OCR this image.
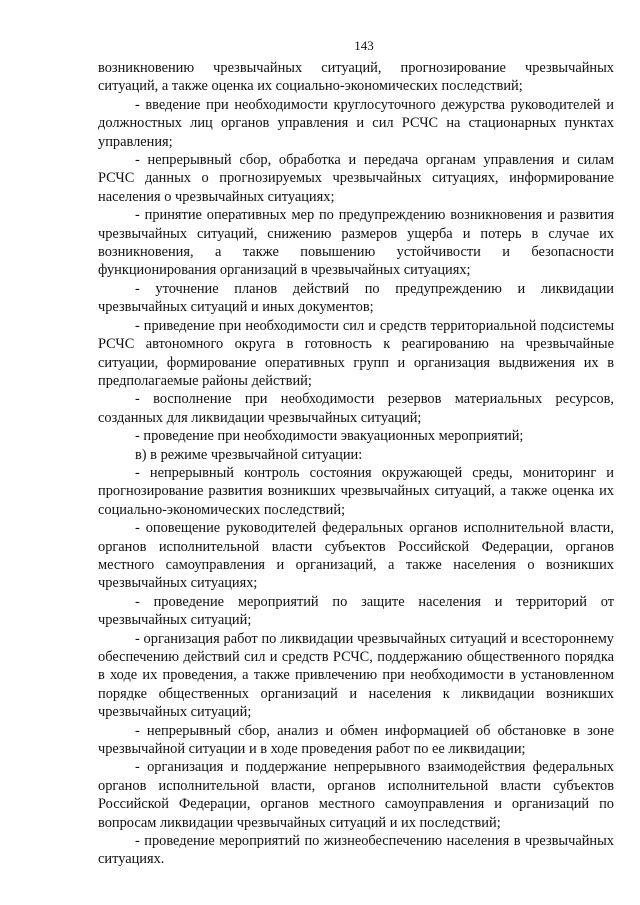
143

возникновению чрезвычайных ситуаций, прогнозирование чрезвычайных ситуаций, а также оценка их социально-экономических последствий;

- введение при необходимости круглосуточного дежурства руководителей и должностных лиц органов управления и сил РСЧС на стационарных пунктах управления;

- непрерывный сбор, обработка и передача органам управления и силам РСЧС данных о прогнозируемых чрезвычайных ситуациях, информирование населения о чрезвычайных ситуациях;

- принятие оперативных мер по предупреждению возникновения и развития чрезвычайных ситуаций, снижению размеров ущерба и потерь в случае их возникновения, а также повышению устойчивости и безопасности функционирования организаций в чрезвычайных ситуациях;

- уточнение планов действий по предупреждению и ликвидации чрезвычайных ситуаций и иных документов;

- приведение при необходимости сил и средств территориальной подсистемы РСЧС автономного округа в готовность к реагированию на чрезвычайные ситуации, формирование оперативных групп и организация выдвижения их в предполагаемые районы действий;

- восполнение при необходимости резервов материальных ресурсов, созданных для ликвидации чрезвычайных ситуаций;

- проведение при необходимости эвакуационных мероприятий;

в) в режиме чрезвычайной ситуации:

- непрерывный контроль состояния окружающей среды, мониторинг и прогнозирование развития возникших чрезвычайных ситуаций, а также оценка их социально-экономических последствий;

- оповещение руководителей федеральных органов исполнительной власти, органов исполнительной власти субъектов Российской Федерации, органов местного самоуправления и организаций, а также населения о возникших чрезвычайных ситуациях;

- проведение мероприятий по защите населения и территорий от чрезвычайных ситуаций;

- организация работ по ликвидации чрезвычайных ситуаций и всестороннему обеспечению действий сил и средств РСЧС, поддержанию общественного порядка в ходе их проведения, а также привлечению при необходимости в установленном порядке общественных организаций и населения к ликвидации возникших чрезвычайных ситуаций;

- непрерывный сбор, анализ и обмен информацией об обстановке в зоне чрезвычайной ситуации и в ходе проведения работ по ее ликвидации;

- организация и поддержание непрерывного взаимодействия федеральных органов исполнительной власти, органов исполнительной власти субъектов Российской Федерации, органов местного самоуправления и организаций по вопросам ликвидации чрезвычайных ситуаций и их последствий;

- проведение мероприятий по жизнеобеспечению населения в чрезвычайных ситуациях.
